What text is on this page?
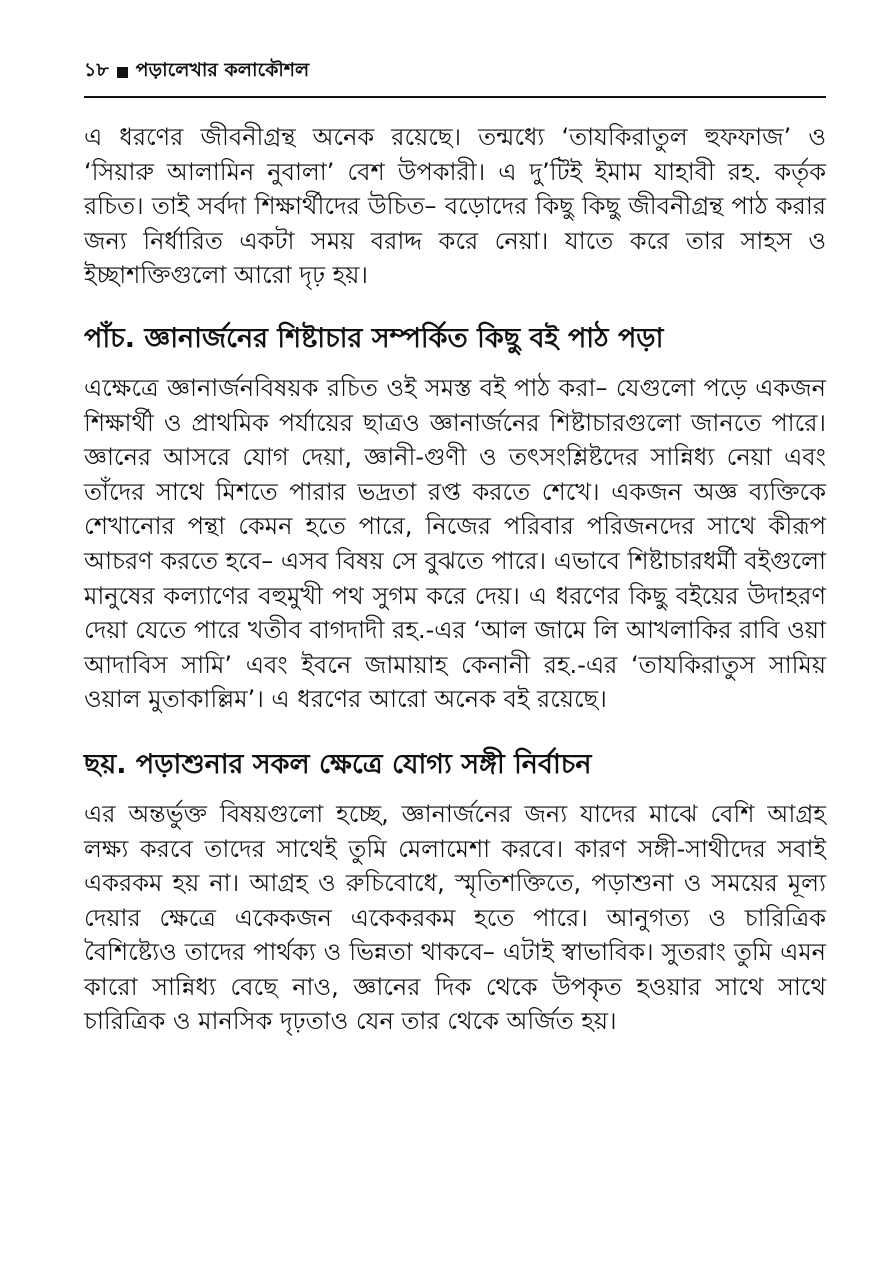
১৮ পড়ালেখার কলাকৌশল

এ ধরণের জীবনীগ্রন্থ অনেক রয়েছে। তন্মধ্যে ‘তাযকিরাতুল হুফফাজ’ ও ‘সিয়ারু আলামিন নুবালা’ বেশ উপকারী। এ দু’টিই ইমাম যাহাবী রহ. কর্তৃক রচিত। তাই সর্বদা শিক্ষার্থীদের উচিত– বড়োদের কিছু কিছু জীবনীগ্রন্থ পাঠ করার জন্য নির্ধারিত একটা সময় বরাদ্দ করে নেয়া। যাতে করে তার সাহস ও ইচ্ছাশক্তিগুলো আরো দৃঢ় হয়।

পাঁচ. জ্ঞানার্জনের শিষ্টাচার সম্পর্কিত কিছু বই পাঠ পড়া

এক্ষেত্রে জ্ঞানার্জনবিষয়ক রচিত ওই সমস্ত বই পাঠ করা– যেগুলো পড়ে একজন শিক্ষার্থী ও প্রাথমিক পর্যায়ের ছাত্রও জ্ঞানার্জনের শিষ্টাচারগুলো জানতে পারে। জ্ঞানের আসরে যোগ দেয়া, জ্ঞানী-গুণী ও তৎসংশ্লিষ্টদের সান্নিধ্য নেয়া এবং তাঁদের সাথে মিশতে পারার ভদ্রতা রপ্ত করতে শেখে। একজন অজ্ঞ ব্যক্তিকে শেখানোর পন্থা কেমন হতে পারে, নিজের পরিবার পরিজনদের সাথে কীরূপ আচরণ করতে হবে– এসব বিষয় সে বুঝতে পারে। এভাবে শিষ্টাচারধর্মী বইগুলো মানুষের কল্যাণের বহুমুখী পথ সুগম করে দেয়। এ ধরণের কিছু বইয়ের উদাহরণ দেয়া যেতে পারে খতীব বাগদাদী রহ.-এর ‘আল জামে লি আখলাকির রাবি ওয়া আদাবিস সামি’ এবং ইবনে জামায়াহ কেনানী রহ.-এর ‘তাযকিরাতুস সামিয় ওয়াল মুতাকাল্লিম’। এ ধরণের আরো অনেক বই রয়েছে।

ছয়. পড়াশুনার সকল ক্ষেত্রে যোগ্য সঙ্গী নির্বাচন

এর অন্তর্ভুক্ত বিষয়গুলো হচ্ছে, জ্ঞানার্জনের জন্য যাদের মাঝে বেশি আগ্রহ লক্ষ্য করবে তাদের সাথেই তুমি মেলামেশা করবে। কারণ সঙ্গী-সাথীদের সবাই একরকম হয় না। আগ্রহ ও রুচিবোধে, স্মৃতিশক্তিতে, পড়াশুনা ও সময়ের মূল্য দেয়ার ক্ষেত্রে একেকজন একেকরকম হতে পারে। আনুগত্য ও চারিত্রিক বৈশিষ্ট্যেও তাদের পার্থক্য ও ভিন্নতা থাকবে– এটাই স্বাভাবিক। সুতরাং তুমি এমন কারো সান্নিধ্য বেছে নাও, জ্ঞানের দিক থেকে উপকৃত হওয়ার সাথে সাথে চারিত্রিক ও মানসিক দৃঢ়তাও যেন তার থেকে অর্জিত হয়।
